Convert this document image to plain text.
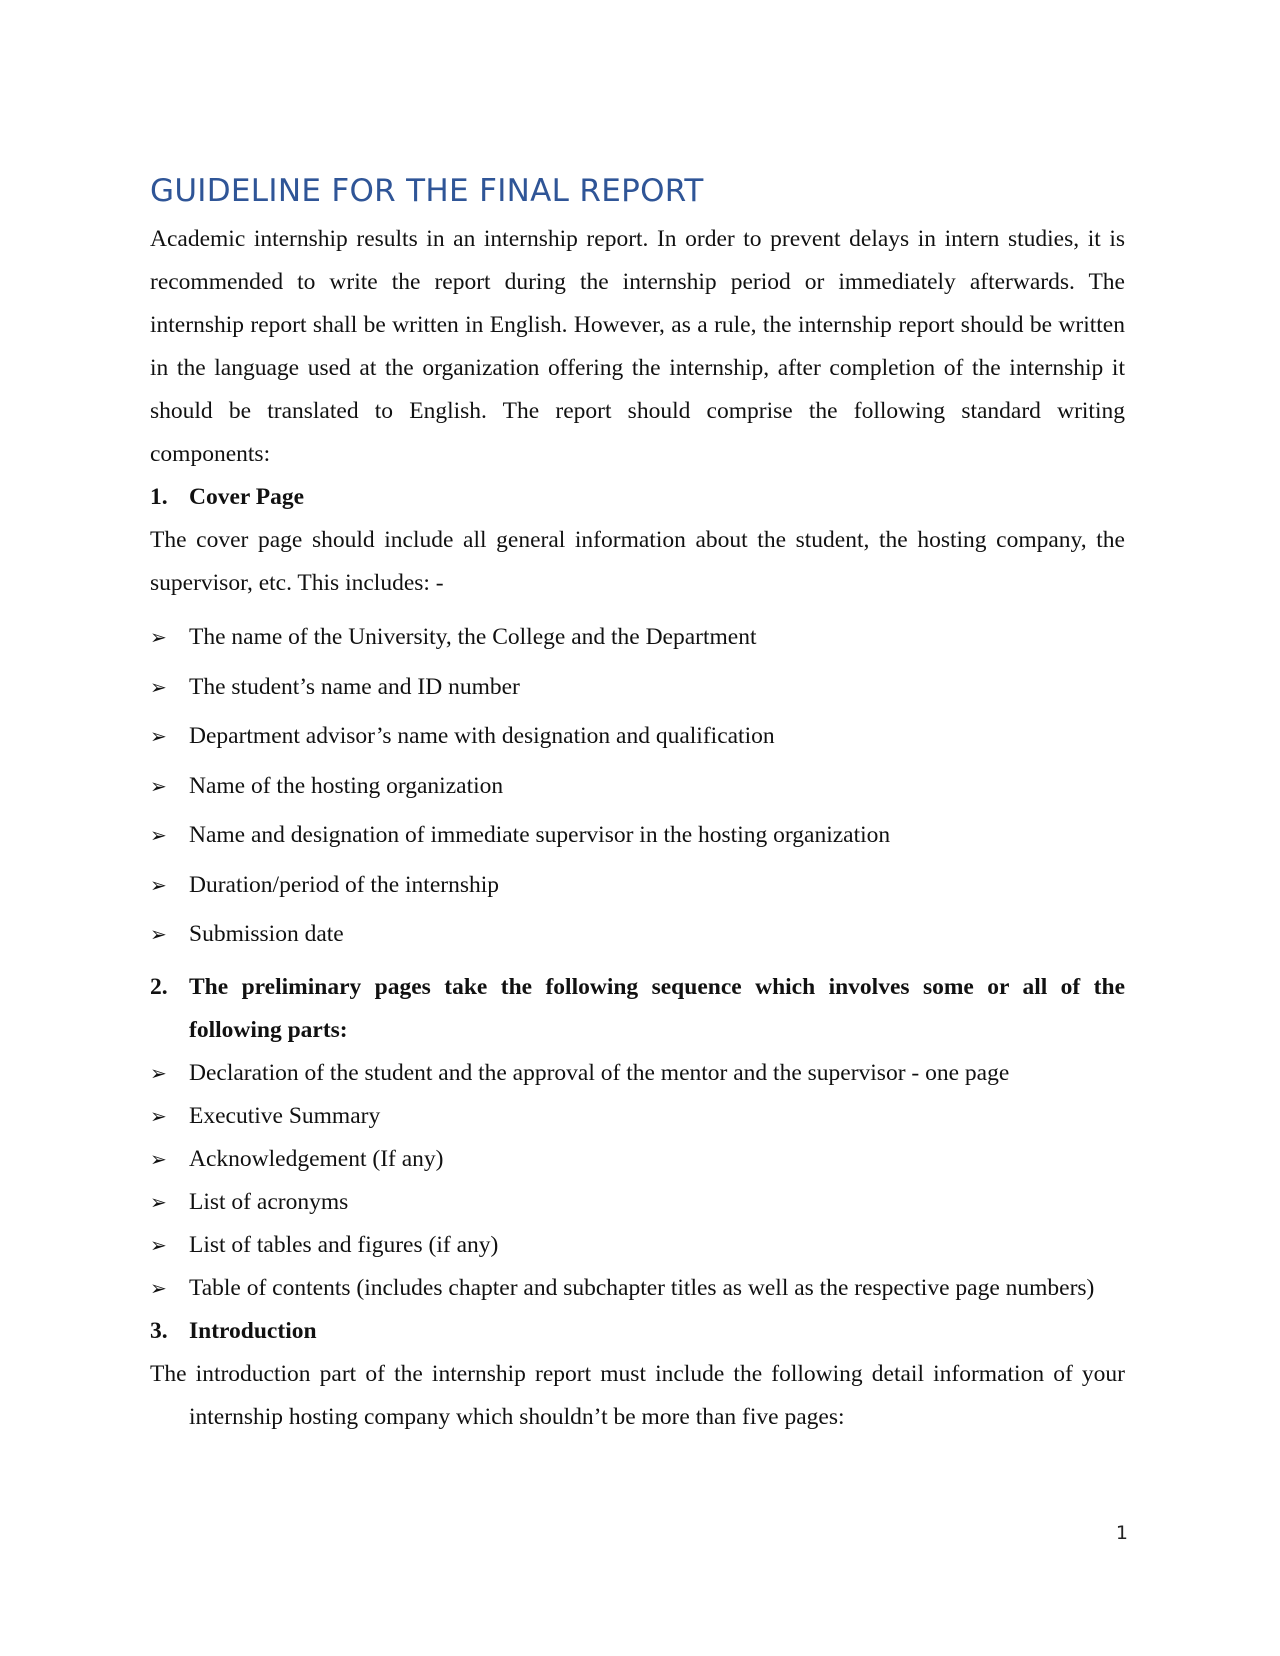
GUIDELINE FOR THE FINAL REPORT

Academic internship results in an internship report. In order to prevent delays in intern studies, it is recommended to write the report during the internship period or immediately afterwards. The internship report shall be written in English. However, as a rule, the internship report should be written in the language used at the organization offering the internship, after completion of the internship it should be translated to English. The report should comprise the following standard writing components:

1. Cover Page

The cover page should include all general information about the student, the hosting company, the supervisor, etc. This includes: -

➢ The name of the University, the College and the Department
➢ The student’s name and ID number
➢ Department advisor’s name with designation and qualification
➢ Name of the hosting organization
➢ Name and designation of immediate supervisor in the hosting organization
➢ Duration/period of the internship
➢ Submission date
2. The preliminary pages take the following sequence which involves some or all of the following parts:
➢ Declaration of the student and the approval of the mentor and the supervisor - one page
➢ Executive Summary
➢ Acknowledgement (If any)
➢ List of acronyms
➢ List of tables and figures (if any)
➢ Table of contents (includes chapter and subchapter titles as well as the respective page numbers)
3. Introduction

The introduction part of the internship report must include the following detail information of your internship hosting company which shouldn’t be more than five pages:

1
